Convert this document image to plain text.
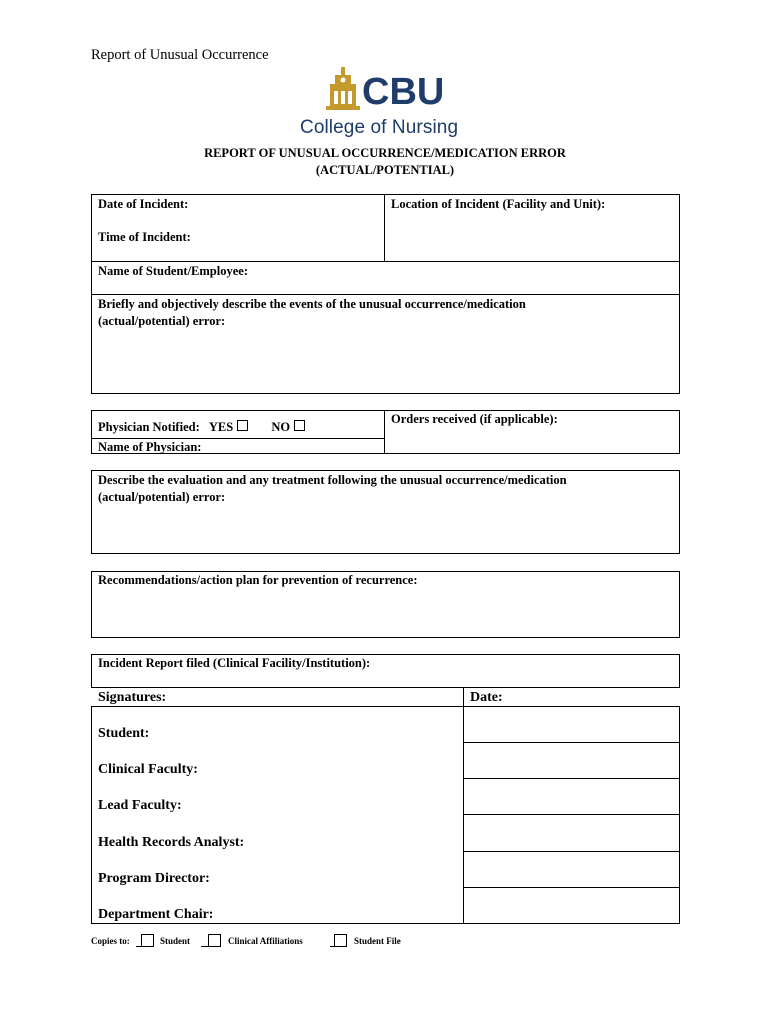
Report of Unusual Occurrence
CBU
College of Nursing
REPORT OF UNUSUAL OCCURRENCE/MEDICATION ERROR
(ACTUAL/POTENTIAL)
Date of Incident:	Location of Incident (Facility and Unit):
Time of Incident:
Name of Student/Employee:
Briefly and objectively describe the events of the unusual occurrence/medication
(actual/potential) error:
Physician Notified: YES	NO
Name of Physician:
Orders received (if applicable):
Describe the evaluation and any treatment following the unusual occurrence/medication
(actual/potential) error:
Recommendations/action plan for prevention of recurrence:
Incident Report filed (Clinical Facility/Institution):
Signatures:	Date:
Student:
Clinical Faculty:
Lead Faculty:
Health Records Analyst:
Program Director:
Department Chair:
Copies to:	Student	Clinical Affiliations	Student File
